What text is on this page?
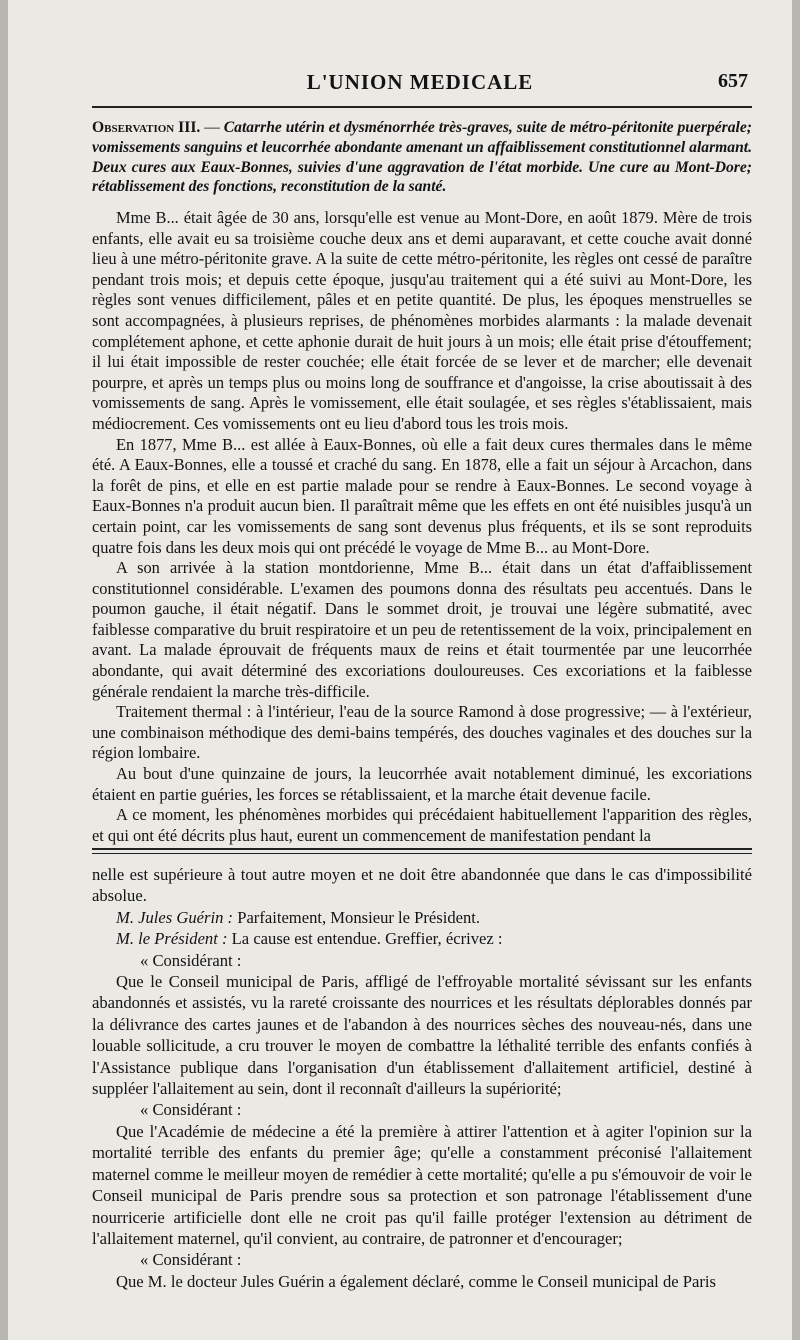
L'UNION MEDICALE	657

Observation III. — Catarrhe utérin et dysménorrhée très-graves, suite de métro-péritonite puerpérale; vomissements sanguins et leucorrhée abondante amenant un affaiblissement constitutionnel alarmant. Deux cures aux Eaux-Bonnes, suivies d'une aggravation de l'état morbide. Une cure au Mont-Dore; rétablissement des fonctions, reconstitution de la santé.

Mme B... était âgée de 30 ans, lorsqu'elle est venue au Mont-Dore, en août 1879. Mère de trois enfants, elle avait eu sa troisième couche deux ans et demi auparavant, et cette couche avait donné lieu à une métro-péritonite grave. A la suite de cette métro-péritonite, les règles ont cessé de paraître pendant trois mois; et depuis cette époque, jusqu'au traitement qui a été suivi au Mont-Dore, les règles sont venues difficilement, pâles et en petite quantité. De plus, les époques menstruelles se sont accompagnées, à plusieurs reprises, de phénomènes morbides alarmants : la malade devenait complétement aphone, et cette aphonie durait de huit jours à un mois; elle était prise d'étouffement; il lui était impossible de rester couchée; elle était forcée de se lever et de marcher; elle devenait pourpre, et après un temps plus ou moins long de souffrance et d'angoisse, la crise aboutissait à des vomissements de sang. Après le vomissement, elle était soulagée, et ses règles s'établissaient, mais médiocrement. Ces vomissements ont eu lieu d'abord tous les trois mois.

En 1877, Mme B... est allée à Eaux-Bonnes, où elle a fait deux cures thermales dans le même été. A Eaux-Bonnes, elle a toussé et craché du sang. En 1878, elle a fait un séjour à Arcachon, dans la forêt de pins, et elle en est partie malade pour se rendre à Eaux-Bonnes. Le second voyage à Eaux-Bonnes n'a produit aucun bien. Il paraîtrait même que les effets en ont été nuisibles jusqu'à un certain point, car les vomissements de sang sont devenus plus fréquents, et ils se sont reproduits quatre fois dans les deux mois qui ont précédé le voyage de Mme B... au Mont-Dore.

A son arrivée à la station montdorienne, Mme B... était dans un état d'affaiblissement constitutionnel considérable. L'examen des poumons donna des résultats peu accentués. Dans le poumon gauche, il était négatif. Dans le sommet droit, je trouvai une légère submatité, avec faiblesse comparative du bruit respiratoire et un peu de retentissement de la voix, principalement en avant. La malade éprouvait de fréquents maux de reins et était tourmentée par une leucorrhée abondante, qui avait déterminé des excoriations douloureuses. Ces excoriations et la faiblesse générale rendaient la marche très-difficile.

Traitement thermal : à l'intérieur, l'eau de la source Ramond à dose progressive; — à l'extérieur, une combinaison méthodique des demi-bains tempérés, des douches vaginales et des douches sur la région lombaire.

Au bout d'une quinzaine de jours, la leucorrhée avait notablement diminué, les excoriations étaient en partie guéries, les forces se rétablissaient, et la marche était devenue facile.

A ce moment, les phénomènes morbides qui précédaient habituellement l'apparition des règles, et qui ont été décrits plus haut, eurent un commencement de manifestation pendant la

nelle est supérieure à tout autre moyen et ne doit être abandonnée que dans le cas d'impossibilité absolue.

M. Jules Guérin : Parfaitement, Monsieur le Président.

M. le Président : La cause est entendue. Greffier, écrivez :

« Considérant :

Que le Conseil municipal de Paris, affligé de l'effroyable mortalité sévissant sur les enfants abandonnés et assistés, vu la rareté croissante des nourrices et les résultats déplorables donnés par la délivrance des cartes jaunes et de l'abandon à des nourrices sèches des nouveau-nés, dans une louable sollicitude, a cru trouver le moyen de combattre la léthalité terrible des enfants confiés à l'Assistance publique dans l'organisation d'un établissement d'allaitement artificiel, destiné à suppléer l'allaitement au sein, dont il reconnaît d'ailleurs la supériorité;

« Considérant :

Que l'Académie de médecine a été la première à attirer l'attention et à agiter l'opinion sur la mortalité terrible des enfants du premier âge; qu'elle a constamment préconisé l'allaitement maternel comme le meilleur moyen de remédier à cette mortalité; qu'elle a pu s'émouvoir de voir le Conseil municipal de Paris prendre sous sa protection et son patronage l'établissement d'une nourricerie artificielle dont elle ne croit pas qu'il faille protéger l'extension au détriment de l'allaitement maternel, qu'il convient, au contraire, de patronner et d'encourager;

« Considérant :

Que M. le docteur Jules Guérin a également déclaré, comme le Conseil municipal de Paris
